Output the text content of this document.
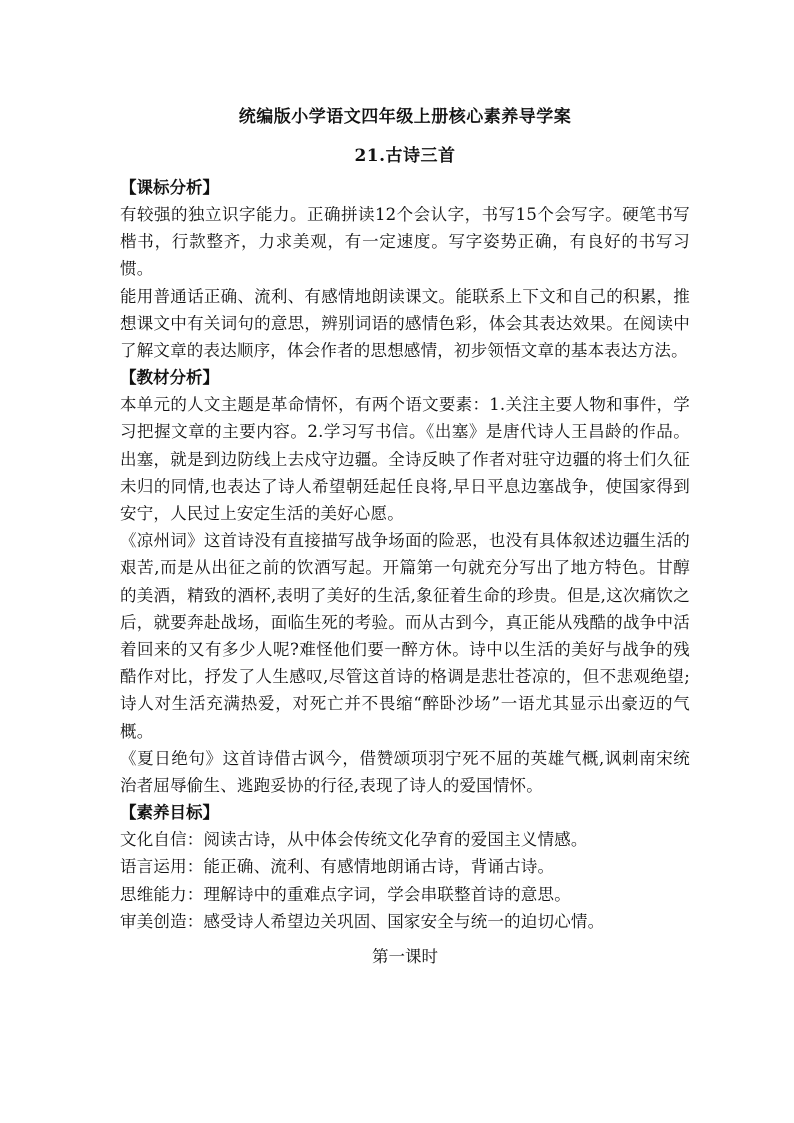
统编版小学语文四年级上册核心素养导学案
21.古诗三首
【课标分析】

有较强的独立识字能力。正确拼读12个会认字，书写15个会写字。硬笔书写楷书，行款整齐，力求美观，有一定速度。写字姿势正确，有良好的书写习惯。

能用普通话正确、流利、有感情地朗读课文。能联系上下文和自己的积累，推想课文中有关词句的意思，辨别词语的感情色彩，体会其表达效果。在阅读中了解文章的表达顺序，体会作者的思想感情，初步领悟文章的基本表达方法。

【教材分析】

本单元的人文主题是革命情怀，有两个语文要素：1.关注主要人物和事件，学习把握文章的主要内容。2.学习写书信。《出塞》是唐代诗人王昌龄的作品。出塞，就是到边防线上去戍守边疆。全诗反映了作者对驻守边疆的将士们久征未归的同情,也表达了诗人希望朝廷起任良将,早日平息边塞战争，使国家得到安宁，人民过上安定生活的美好心愿。

《凉州词》这首诗没有直接描写战争场面的险恶，也没有具体叙述边疆生活的艰苦,而是从出征之前的饮酒写起。开篇第一句就充分写出了地方特色。甘醇的美酒，精致的酒杯,表明了美好的生活,象征着生命的珍贵。但是,这次痛饮之后，就要奔赴战场，面临生死的考验。而从古到今，真正能从残酷的战争中活着回来的又有多少人呢?难怪他们要一醉方休。诗中以生活的美好与战争的残酷作对比，抒发了人生感叹,尽管这首诗的格调是悲壮苍凉的，但不悲观绝望;诗人对生活充满热爱，对死亡并不畏缩“醉卧沙场”一语尤其显示出豪迈的气概。

《夏日绝句》这首诗借古讽今，借赞颂项羽宁死不屈的英雄气概,讽刺南宋统治者屈辱偷生、逃跑妥协的行径,表现了诗人的爱国情怀。

【素养目标】

文化自信：阅读古诗，从中体会传统文化孕育的爱国主义情感。

语言运用：能正确、流利、有感情地朗诵古诗，背诵古诗。

思维能力：理解诗中的重难点字词，学会串联整首诗的意思。

审美创造：感受诗人希望边关巩固、国家安全与统一的迫切心情。

第一课时
